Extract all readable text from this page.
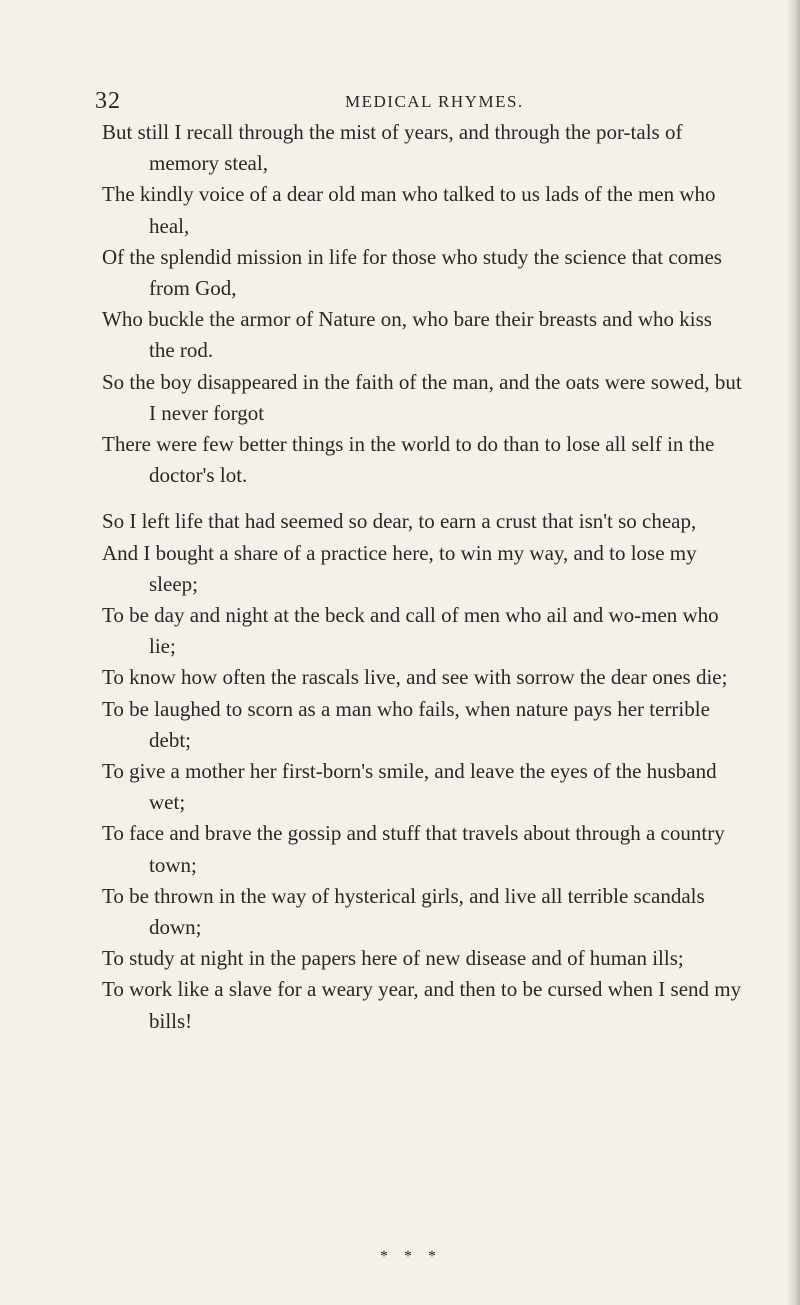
32	MEDICAL RHYMES.
But still I recall through the mist of years, and through the por-tals of memory steal,
The kindly voice of a dear old man who talked to us lads of the men who heal,
Of the splendid mission in life for those who study the science that comes from God,
Who buckle the armor of Nature on, who bare their breasts and who kiss the rod.
So the boy disappeared in the faith of the man, and the oats were sowed, but I never forgot
There were few better things in the world to do than to lose all self in the doctor's lot.
So I left life that had seemed so dear, to earn a crust that isn't so cheap,
And I bought a share of a practice here, to win my way, and to lose my sleep;
To be day and night at the beck and call of men who ail and wo-men who lie;
To know how often the rascals live, and see with sorrow the dear ones die;
To be laughed to scorn as a man who fails, when nature pays her terrible debt;
To give a mother her first-born's smile, and leave the eyes of the husband wet;
To face and brave the gossip and stuff that travels about through a country town;
To be thrown in the way of hysterical girls, and live all terrible scandals down;
To study at night in the papers here of new disease and of human ills;
To work like a slave for a weary year, and then to be cursed when I send my bills!
* * *
